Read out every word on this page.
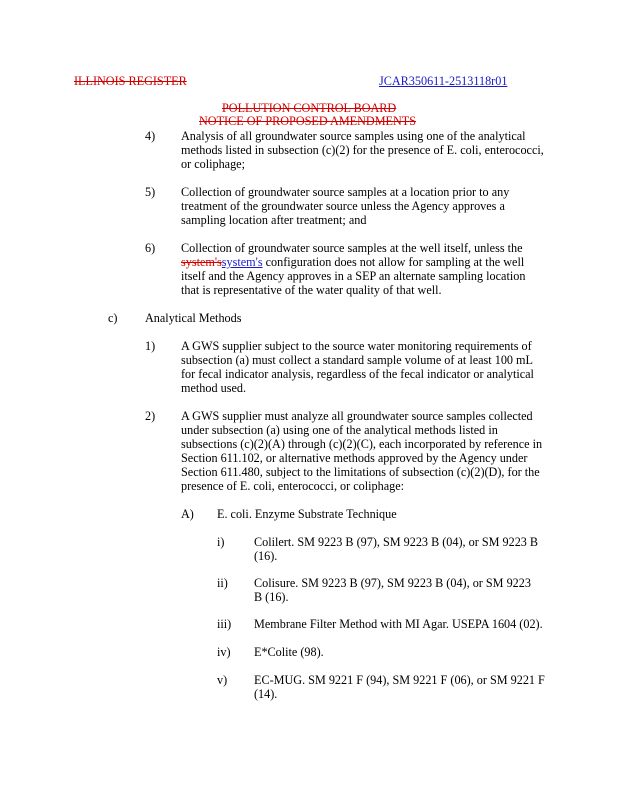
ILLINOIS REGISTER	JCAR350611-2513118r01
POLLUTION CONTROL BOARD
NOTICE OF PROPOSED AMENDMENTS
4) Analysis of all groundwater source samples using one of the analytical
methods listed in subsection (c)(2) for the presence of E. coli, enterococci,
or coliphage;
5) Collection of groundwater source samples at a location prior to any
treatment of the groundwater source unless the Agency approves a
sampling location after treatment; and
6) Collection of groundwater source samples at the well itself, unless the
system'ssystem's configuration does not allow for sampling at the well
itself and the Agency approves in a SEP an alternate sampling location
that is representative of the water quality of that well.
c) Analytical Methods
1) A GWS supplier subject to the source water monitoring requirements of
subsection (a) must collect a standard sample volume of at least 100 mL
for fecal indicator analysis, regardless of the fecal indicator or analytical
method used.
2) A GWS supplier must analyze all groundwater source samples collected
under subsection (a) using one of the analytical methods listed in
subsections (c)(2)(A) through (c)(2)(C), each incorporated by reference in
Section 611.102, or alternative methods approved by the Agency under
Section 611.480, subject to the limitations of subsection (c)(2)(D), for the
presence of E. coli, enterococci, or coliphage:
A) E. coli. Enzyme Substrate Technique
i) Colilert. SM 9223 B (97), SM 9223 B (04), or SM 9223 B
(16).
ii) Colisure. SM 9223 B (97), SM 9223 B (04), or SM 9223
B (16).
iii) Membrane Filter Method with MI Agar. USEPA 1604 (02).
iv) E*Colite (98).
v) EC-MUG. SM 9221 F (94), SM 9221 F (06), or SM 9221 F
(14).
